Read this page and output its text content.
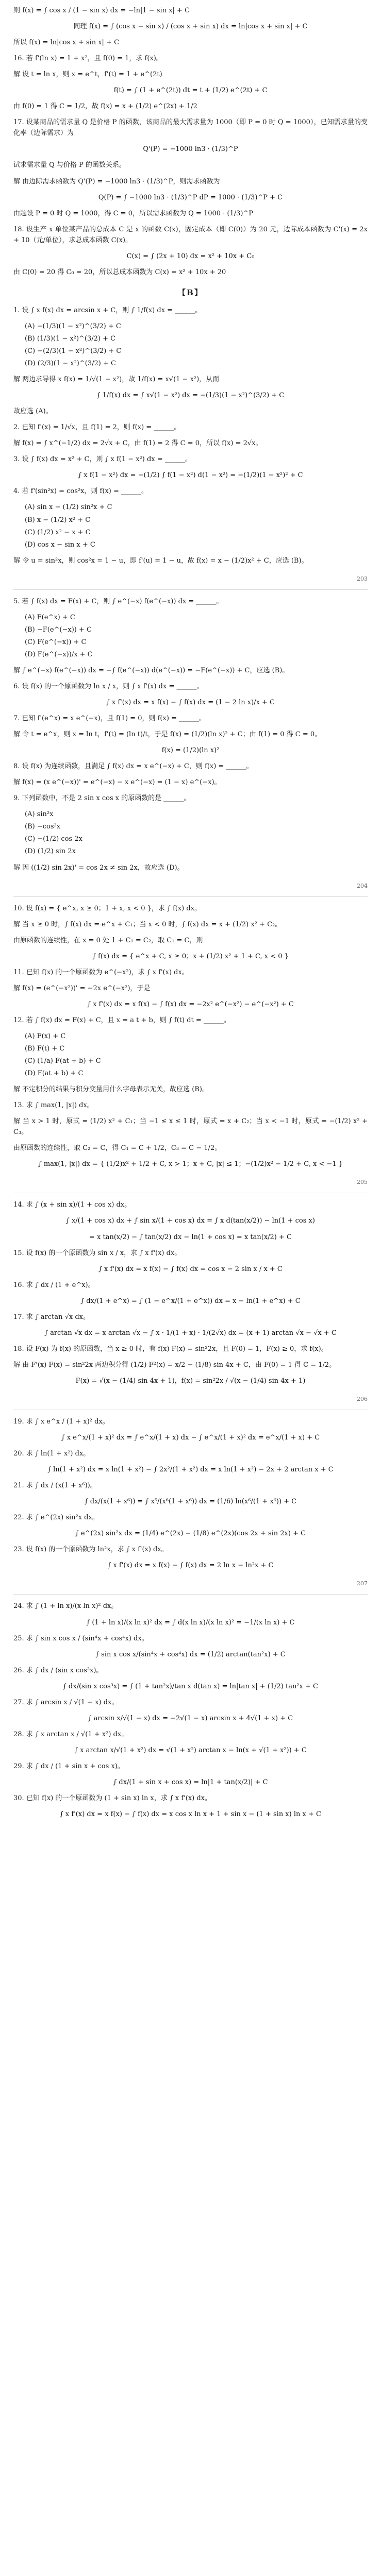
则 f(x) = ∫ cos x / (1 − sin x) dx = −ln|1 − sin x| + C
同理 f(x) = ∫ (cos x − sin x) / (cos x + sin x) dx = ln|cos x + sin x| + C
所以 f(x) = ln|cos x + sin x| + C
16. 若 f'(ln x) = 1 + x²，且 f(0) = 1，求 f(x)。
解 设 t = ln x，则 x = e^t，f'(t) = 1 + e^(2t)
f(t) = ∫ (1 + e^(2t)) dt = t + (1/2) e^(2t) + C
由 f(0) = 1 得 C = 1/2，故 f(x) = x + (1/2) e^(2x) + 1/2
17. 设某商品的需求量 Q 是价格 P 的函数，该商品的最大需求量为 1000（即 P = 0 时 Q = 1000），已知需求量的变化率（边际需求）为
Q'(P) = −1000 ln3 · (1/3)^P
试求需求量 Q 与价格 P 的函数关系。
解 由边际需求函数为 Q'(P) = −1000 ln3 · (1/3)^P，则需求函数为
Q(P) = ∫ −1000 ln3 · (1/3)^P dP = 1000 · (1/3)^P + C
由题设 P = 0 时 Q = 1000，得 C = 0，所以需求函数为 Q = 1000 · (1/3)^P
18. 设生产 x 单位某产品的总成本 C 是 x 的函数 C(x)，固定成本（即 C(0)）为 20 元，边际成本函数为 C'(x) = 2x + 10（元/单位），求总成本函数 C(x)。
C(x) = ∫ (2x + 10) dx = x² + 10x + C₀
由 C(0) = 20 得 C₀ = 20，所以总成本函数为 C(x) = x² + 10x + 20
【B】
1. 设 ∫ x f(x) dx = arcsin x + C，则 ∫ 1/f(x) dx = ______。
(A) −(1/3)(1 − x²)^(3/2) + C
(B) (1/3)(1 − x²)^(3/2) + C
(C) −(2/3)(1 − x²)^(3/2) + C
(D) (2/3)(1 − x²)^(3/2) + C
解 两边求导得 x f(x) = 1/√(1 − x²)，故 1/f(x) = x√(1 − x²)，从而
∫ 1/f(x) dx = ∫ x√(1 − x²) dx = −(1/3)(1 − x²)^(3/2) + C
故应选 (A)。
2. 已知 f'(x) = 1/√x，且 f(1) = 2，则 f(x) = ______。
解 f(x) = ∫ x^(−1/2) dx = 2√x + C，由 f(1) = 2 得 C = 0，所以 f(x) = 2√x。
3. 设 ∫ f(x) dx = x² + C，则 ∫ x f(1 − x²) dx = ______。
∫ x f(1 − x²) dx = −(1/2) ∫ f(1 − x²) d(1 − x²) = −(1/2)(1 − x²)² + C
4. 若 f'(sin²x) = cos²x，则 f(x) = ______。
(A) sin x − (1/2) sin²x + C
(B) x − (1/2) x² + C
(C) (1/2) x² − x + C
(D) cos x − sin x + C
解 令 u = sin²x，则 cos²x = 1 − u，即 f'(u) = 1 − u，故 f(x) = x − (1/2)x² + C，应选 (B)。
203
5. 若 ∫ f(x) dx = F(x) + C，则 ∫ e^(−x) f(e^(−x)) dx = ______。
(A) F(e^x) + C
(B) −F(e^(−x)) + C
(C) F(e^(−x)) + C
(D) F(e^(−x))/x + C
解 ∫ e^(−x) f(e^(−x)) dx = −∫ f(e^(−x)) d(e^(−x)) = −F(e^(−x)) + C，应选 (B)。
6. 设 f(x) 的一个原函数为 ln x / x，则 ∫ x f'(x) dx = ______。
∫ x f'(x) dx = x f(x) − ∫ f(x) dx = (1 − 2 ln x)/x + C
7. 已知 f'(e^x) = x e^(−x)，且 f(1) = 0，则 f(x) = ______。
解 令 t = e^x，则 x = ln t，f'(t) = (ln t)/t，于是 f(x) = (1/2)(ln x)² + C；由 f(1) = 0 得 C = 0。
f(x) = (1/2)(ln x)²
8. 设 f(x) 为连续函数，且满足 ∫ f(x) dx = x e^(−x) + C，则 f(x) = ______。
解 f(x) = (x e^(−x))' = e^(−x) − x e^(−x) = (1 − x) e^(−x)。
9. 下列函数中，不是 2 sin x cos x 的原函数的是 ______。
(A) sin²x
(B) −cos²x
(C) −(1/2) cos 2x
(D) (1/2) sin 2x
解 因 ((1/2) sin 2x)' = cos 2x ≠ sin 2x，故应选 (D)。
204
10. 设 f(x) = { e^x, x ≥ 0；1 + x, x < 0 }，求 ∫ f(x) dx。
解 当 x ≥ 0 时，∫ f(x) dx = e^x + C₁；当 x < 0 时，∫ f(x) dx = x + (1/2) x² + C₂。
由原函数的连续性，在 x = 0 处 1 + C₁ = C₂，取 C₁ = C，则
∫ f(x) dx = { e^x + C, x ≥ 0；x + (1/2) x² + 1 + C, x < 0 }
11. 已知 f(x) 的一个原函数为 e^(−x²)，求 ∫ x f'(x) dx。
解 f(x) = (e^(−x²))' = −2x e^(−x²)，于是
∫ x f'(x) dx = x f(x) − ∫ f(x) dx = −2x² e^(−x²) − e^(−x²) + C
12. 若 ∫ f(x) dx = F(x) + C，且 x = a t + b，则 ∫ f(t) dt = ______。
(A) F(x) + C
(B) F(t) + C
(C) (1/a) F(at + b) + C
(D) F(at + b) + C
解 不定积分的结果与积分变量用什么字母表示无关，故应选 (B)。
13. 求 ∫ max(1, |x|) dx。
解 当 x > 1 时，原式 = (1/2) x² + C₁；当 −1 ≤ x ≤ 1 时，原式 = x + C₂；当 x < −1 时，原式 = −(1/2) x² + C₃。
由原函数的连续性，取 C₂ = C，得 C₁ = C + 1/2，C₃ = C − 1/2。
∫ max(1, |x|) dx = { (1/2)x² + 1/2 + C, x > 1；x + C, |x| ≤ 1；−(1/2)x² − 1/2 + C, x < −1 }
205
14. 求 ∫ (x + sin x)/(1 + cos x) dx。
∫ x/(1 + cos x) dx + ∫ sin x/(1 + cos x) dx = ∫ x d(tan(x/2)) − ln(1 + cos x)
= x tan(x/2) − ∫ tan(x/2) dx − ln(1 + cos x) = x tan(x/2) + C
15. 设 f(x) 的一个原函数为 sin x / x，求 ∫ x f'(x) dx。
∫ x f'(x) dx = x f(x) − ∫ f(x) dx = cos x − 2 sin x / x + C
16. 求 ∫ dx / (1 + e^x)。
∫ dx/(1 + e^x) = ∫ (1 − e^x/(1 + e^x)) dx = x − ln(1 + e^x) + C
17. 求 ∫ arctan √x dx。
∫ arctan √x dx = x arctan √x − ∫ x · 1/(1 + x) · 1/(2√x) dx = (x + 1) arctan √x − √x + C
18. 设 F(x) 为 f(x) 的原函数，当 x ≥ 0 时，有 f(x) F(x) = sin²2x，且 F(0) = 1，F(x) ≥ 0，求 f(x)。
解 由 F'(x) F(x) = sin²2x 两边积分得 (1/2) F²(x) = x/2 − (1/8) sin 4x + C，由 F(0) = 1 得 C = 1/2。
F(x) = √(x − (1/4) sin 4x + 1)，f(x) = sin²2x / √(x − (1/4) sin 4x + 1)
206
19. 求 ∫ x e^x / (1 + x)² dx。
∫ x e^x/(1 + x)² dx = ∫ e^x/(1 + x) dx − ∫ e^x/(1 + x)² dx = e^x/(1 + x) + C
20. 求 ∫ ln(1 + x²) dx。
∫ ln(1 + x²) dx = x ln(1 + x²) − ∫ 2x²/(1 + x²) dx = x ln(1 + x²) − 2x + 2 arctan x + C
21. 求 ∫ dx / (x(1 + x⁶))。
∫ dx/(x(1 + x⁶)) = ∫ x⁵/(x⁶(1 + x⁶)) dx = (1/6) ln(x⁶/(1 + x⁶)) + C
22. 求 ∫ e^(2x) sin²x dx。
∫ e^(2x) sin²x dx = (1/4) e^(2x) − (1/8) e^(2x)(cos 2x + sin 2x) + C
23. 设 f(x) 的一个原函数为 ln²x，求 ∫ x f'(x) dx。
∫ x f'(x) dx = x f(x) − ∫ f(x) dx = 2 ln x − ln²x + C
207
24. 求 ∫ (1 + ln x)/(x ln x)² dx。
∫ (1 + ln x)/(x ln x)² dx = ∫ d(x ln x)/(x ln x)² = −1/(x ln x) + C
25. 求 ∫ sin x cos x / (sin⁴x + cos⁴x) dx。
∫ sin x cos x/(sin⁴x + cos⁴x) dx = (1/2) arctan(tan²x) + C
26. 求 ∫ dx / (sin x cos³x)。
∫ dx/(sin x cos³x) = ∫ (1 + tan²x)/tan x d(tan x) = ln|tan x| + (1/2) tan²x + C
27. 求 ∫ arcsin x / √(1 − x) dx。
∫ arcsin x/√(1 − x) dx = −2√(1 − x) arcsin x + 4√(1 + x) + C
28. 求 ∫ x arctan x / √(1 + x²) dx。
∫ x arctan x/√(1 + x²) dx = √(1 + x²) arctan x − ln(x + √(1 + x²)) + C
29. 求 ∫ dx / (1 + sin x + cos x)。
∫ dx/(1 + sin x + cos x) = ln|1 + tan(x/2)| + C
30. 已知 f(x) 的一个原函数为 (1 + sin x) ln x，求 ∫ x f'(x) dx。
∫ x f'(x) dx = x f(x) − ∫ f(x) dx = x cos x ln x + 1 + sin x − (1 + sin x) ln x + C
